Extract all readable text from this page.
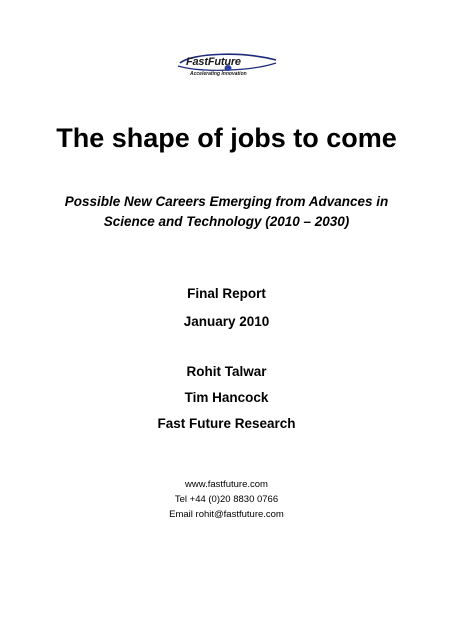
FastFuture
Accelerating Innovation
The shape of jobs to come
Possible New Careers Emerging from Advances in
Science and Technology (2010 – 2030)
Final Report
January 2010
Rohit Talwar
Tim Hancock
Fast Future Research
www.fastfuture.com
Tel +44 (0)20 8830 0766
Email rohit@fastfuture.com
